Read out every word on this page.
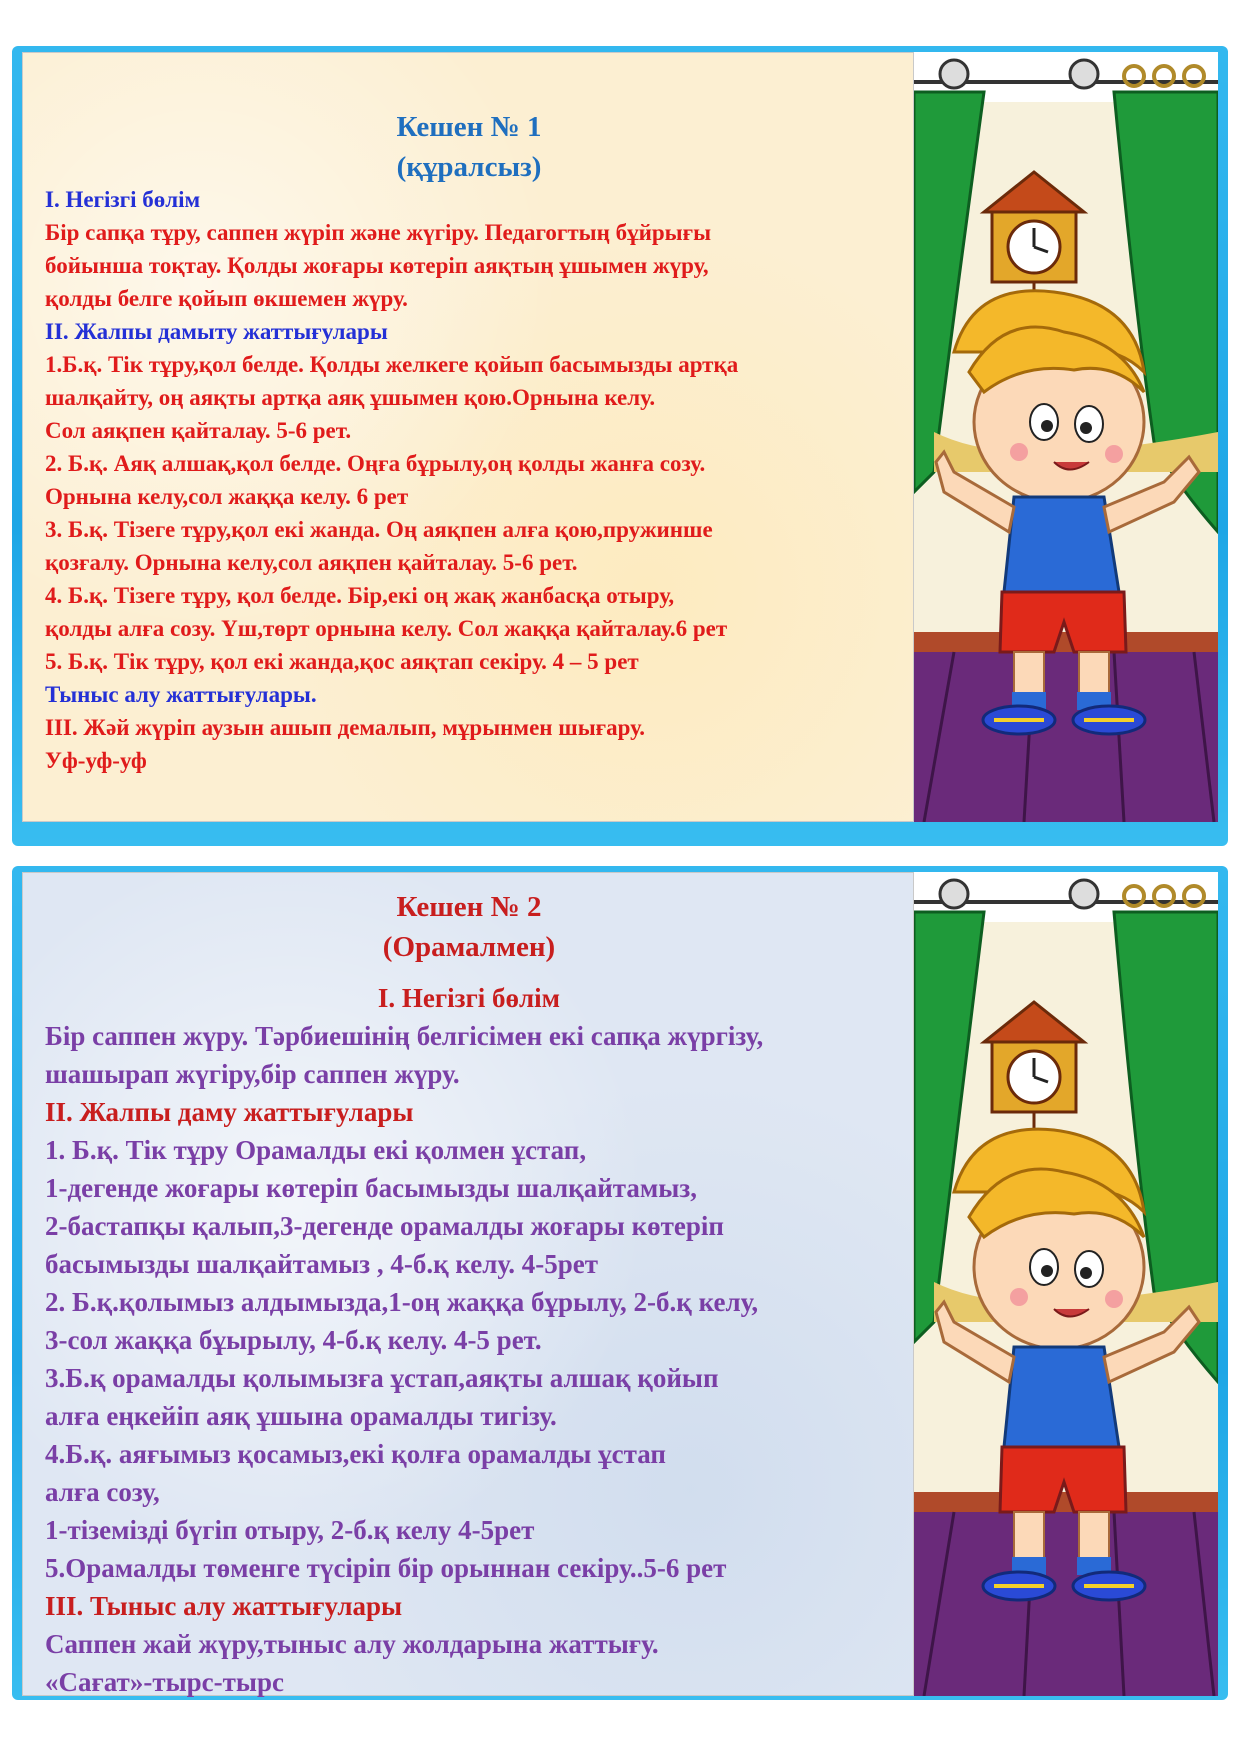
Кешен № 1
(құралсыз)
І. Негізгі бөлім
Бір сапқа тұру, саппен жүріп және жүгіру. Педагогтың бұйрығы
бойынша тоқтау. Қолды жоғары көтеріп аяқтың ұшымен жүру,
қолды белге қойып өкшемен жүру.
ІІ. Жалпы дамыту жаттығулары
1.Б.қ. Тік тұру,қол белде. Қолды желкеге қойып басымызды артқа
шалқайту, оң аяқты артқа аяқ ұшымен қою.Орнына келу.
Сол аяқпен қайталау. 5-6 рет.
2. Б.қ. Аяқ алшақ,қол белде. Оңға бұрылу,оң қолды жанға созу.
Орнына келу,сол жаққа келу. 6 рет
3. Б.қ. Тізеге тұру,қол екі жанда. Оң аяқпен алға қою,пружинше
қозғалу. Орнына келу,сол аяқпен қайталау. 5-6 рет.
4. Б.қ. Тізеге тұру, қол белде. Бір,екі оң жақ жанбасқа отыру,
қолды алға созу. Үш,төрт орнына келу. Сол жаққа қайталау.6 рет
5. Б.қ. Тік тұру, қол екі жанда,қос аяқтап секіру. 4 – 5 рет
Тыныс алу жаттығулары.
ІІІ. Жәй жүріп аузын ашып демалып, мұрынмен шығару.
Уф-уф-уф
Кешен № 2
(Орамалмен)
І. Негізгі бөлім
Бір саппен жүру. Тәрбиешінің белгісімен екі сапқа жүргізу,
шашырап жүгіру,бір саппен жүру.
ІІ. Жалпы даму жаттығулары
1. Б.қ. Тік тұру Орамалды екі қолмен ұстап,
1-дегенде жоғары көтеріп басымызды шалқайтамыз,
2-бастапқы қалып,3-дегенде орамалды жоғары көтеріп
басымызды шалқайтамыз , 4-б.қ келу. 4-5рет
2. Б.қ.қолымыз алдымызда,1-оң жаққа бұрылу, 2-б.қ келу,
3-сол жаққа бұырылу, 4-б.қ келу. 4-5 рет.
3.Б.қ орамалды қолымызға ұстап,аяқты алшақ қойып
алға еңкейіп аяқ ұшына орамалды тигізу.
4.Б.қ. аяғымыз қосамыз,екі қолға орамалды ұстап
алға созу,
1-тіземізді бүгіп отыру, 2-б.қ келу 4-5рет
5.Орамалды төменге түсіріп бір орыннан секіру..5-6 рет
ІІІ. Тыныс алу жаттығулары
Саппен жай жүру,тыныс алу жолдарына жаттығу.
«Сағат»-тырс-тырс
